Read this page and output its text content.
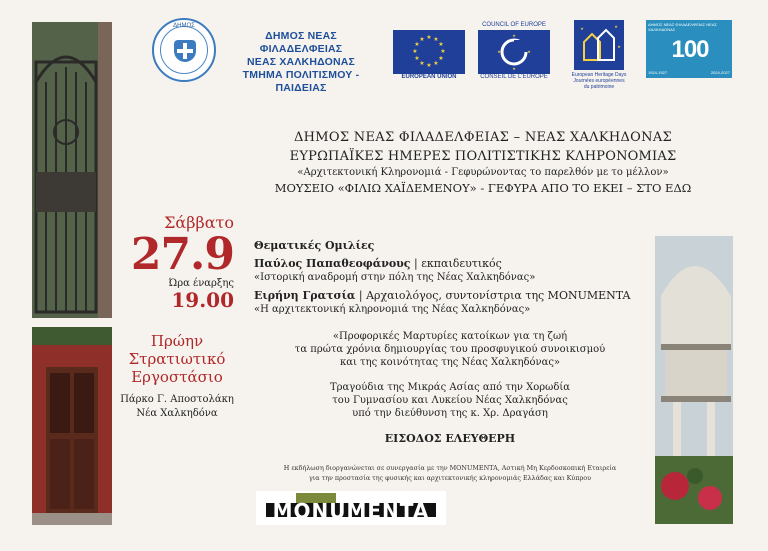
ΔΗΜΟΣ
ΔΗΜΟΣ ΝΕΑΣ ΦΙΛΑΔΕΛΦΕΙΑΣ
ΝΕΑΣ ΧΑΛΚΗΔΟΝΑΣ
ΤΜΗΜΑ ΠΟΛΙΤΙΣΜΟΥ - ΠΑΙΔΕΙΑΣ
★ ★
★
★
★
★
★
★
★
★
★
★
EUROPEAN UNION
COUNCIL OF EUROPE
★
★
★
★
CONSEIL DE L'EUROPE
★	★
★
European Heritage Days
Journées européennes
du patrimoine
ΔΗΜΟΣ ΝΕΑΣ ΦΙΛΑΔΕΛΦΕΙΑΣ ΝΕΑΣ ΧΑΛΚΗΔΟΝΑΣ
100
1924-1927	2024-2027
ΔΗΜΟΣ ΝΕΑΣ ΦΙΛΑΔΕΛΦΕΙΑΣ – ΝΕΑΣ ΧΑΛΚΗΔΟΝΑΣ
ΕΥΡΩΠΑΪΚΕΣ ΗΜΕΡΕΣ ΠΟΛΙΤΙΣΤΙΚΗΣ ΚΛΗΡΟΝΟΜΙΑΣ
«Αρχιτεκτονική Κληρονομιά - Γεφυρώνοντας το παρελθόν με το μέλλον»
ΜΟΥΣΕΙΟ «ΦΙΛΙΩ ΧΑΪΔΕΜΕΝΟΥ» - ΓΕΦΥΡΑ ΑΠΟ ΤΟ ΕΚΕΙ – ΣΤΟ ΕΔΩ
Σάββατο
27.9
Ώρα έναρξης
19.00
Πρώην
Στρατιωτικό
Εργοστάσιο
Πάρκο Γ. Αποστολάκη
Νέα Χαλκηδόνα
Θεματικές Ομιλίες
Παύλος Παπαθεοφάνους | εκπαιδευτικός
«Ιστορική αναδρομή στην πόλη της Νέας Χαλκηδόνας»
Ειρήνη Γρατσία | Αρχαιολόγος, συντονίστρια της MONUMENTA
«Η αρχιτεκτονική κληρονομιά της Νέας Χαλκηδόνας»
«Προφορικές Μαρτυρίες κατοίκων για τη ζωή
τα πρώτα χρόνια δημιουργίας του προσφυγικού συνοικισμού
και της κοινότητας της Νέας Χαλκηδόνας»
Τραγούδια της Μικράς Ασίας από την Χορωδία
του Γυμνασίου και Λυκείου Νέας Χαλκηδόνας
υπό την διεύθυνση της κ. Χρ. Δραγάση
ΕΙΣΟΔΟΣ ΕΛΕΥΘΕΡΗ
Η εκδήλωση διοργανώνεται σε συνεργασία με την MONUMENTA, Αστική Μη Κερδοσκοπική Εταιρεία
για την προστασία της φυσικής και αρχιτεκτονικής κληρονομιάς Ελλάδας και Κύπρου
MONUMENTA
